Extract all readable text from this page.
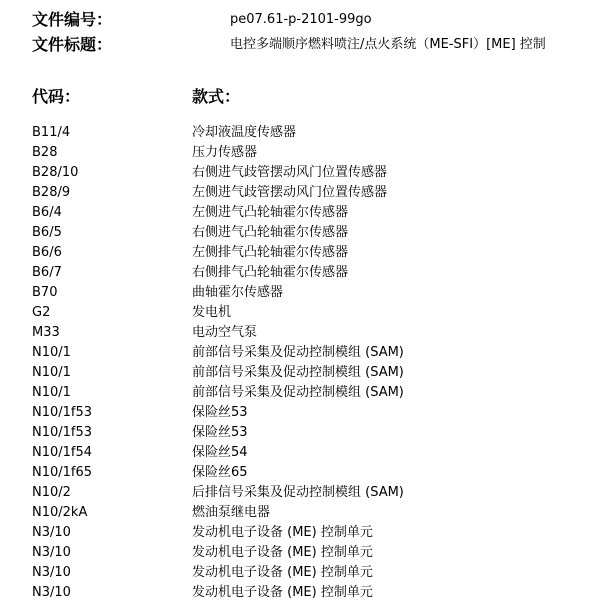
文件编号：	pe07.61-p-2101-99go
文件标题：	电控多端顺序燃料喷注/点火系统（ME-SFI）[ME] 控制
代码：	款式：
B11/4	冷却液温度传感器
B28	压力传感器
B28/10	右侧进气歧管摆动风门位置传感器
B28/9	左侧进气歧管摆动风门位置传感器
B6/4	左侧进气凸轮轴霍尔传感器
B6/5	右侧进气凸轮轴霍尔传感器
B6/6	左侧排气凸轮轴霍尔传感器
B6/7	右侧排气凸轮轴霍尔传感器
B70	曲轴霍尔传感器
G2	发电机
M33	电动空气泵
N10/1	前部信号采集及促动控制模组 (SAM)
N10/1	前部信号采集及促动控制模组 (SAM)
N10/1	前部信号采集及促动控制模组 (SAM)
N10/1f53	保险丝53
N10/1f53	保险丝53
N10/1f54	保险丝54
N10/1f65	保险丝65
N10/2	后排信号采集及促动控制模组 (SAM)
N10/2kA	燃油泵继电器
N3/10	发动机电子设备 (ME) 控制单元
N3/10	发动机电子设备 (ME) 控制单元
N3/10	发动机电子设备 (ME) 控制单元
N3/10	发动机电子设备 (ME) 控制单元
